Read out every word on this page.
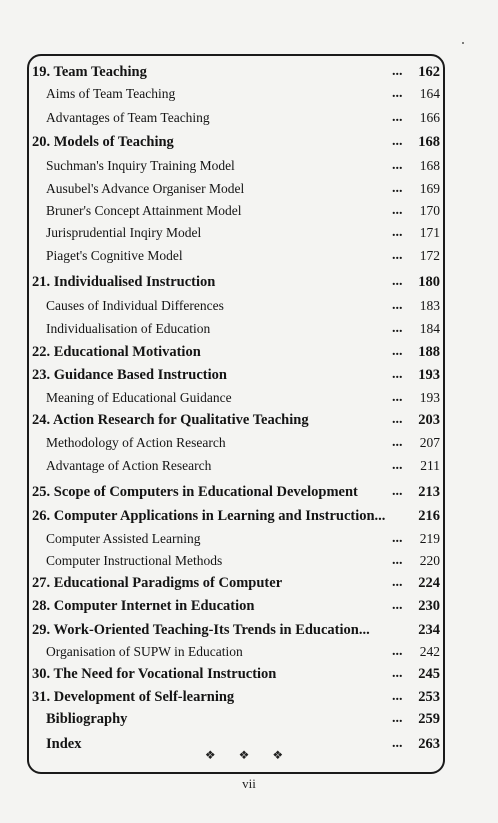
19. Team Teaching	...	162
Aims of Team Teaching	...	164
Advantages of Team Teaching	...	166
20. Models of Teaching	...	168
Suchman's Inquiry Training Model	...	168
Ausubel's Advance Organiser Model	...	169
Bruner's Concept Attainment Model	...	170
Jurisprudential Inqiry Model	...	171
Piaget's Cognitive Model	...	172
21. Individualised Instruction	...	180
Causes of Individual Differences	...	183
Individualisation of Education	...	184
22. Educational Motivation	...	188
23. Guidance Based Instruction	...	193
Meaning of Educational Guidance	...	193
24. Action Research for Qualitative Teaching	...	203
Methodology of Action Research	...	207
Advantage of Action Research	...	211
25. Scope of Computers in Educational Development ...	213
26. Computer Applications in Learning and Instruction... 216
Computer Assisted Learning	...	219
Computer Instructional Methods	...	220
27. Educational Paradigms of Computer	...	224
28. Computer Internet in Education	...	230
29. Work-Oriented Teaching-Its Trends in Education...	234
Organisation of SUPW in Education	...	242
30. The Need for Vocational Instruction	...	245
31. Development of Self-learning	...	253
Bibliography	...	259
Index	...	263
❖ ❖ ❖
vii
